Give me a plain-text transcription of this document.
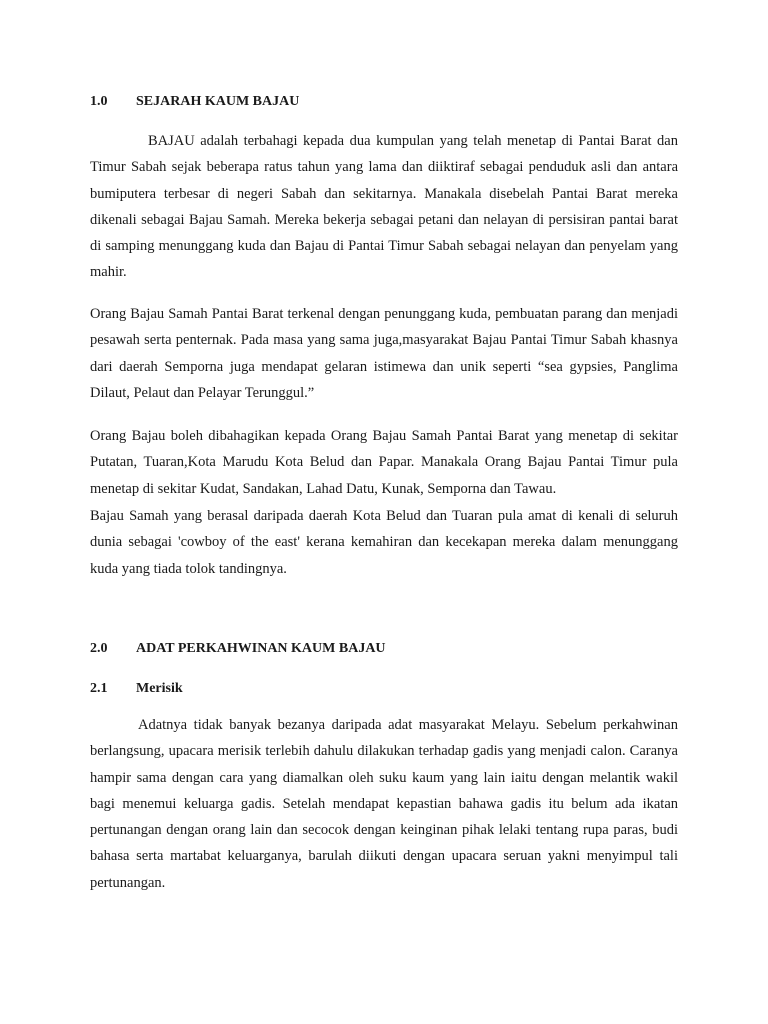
1.0 SEJARAH KAUM BAJAU

BAJAU adalah terbahagi kepada dua kumpulan yang telah menetap di Pantai Barat dan Timur Sabah sejak beberapa ratus tahun yang lama dan diiktiraf sebagai penduduk asli dan antara bumiputera terbesar di negeri Sabah dan sekitarnya. Manakala disebelah Pantai Barat mereka dikenali sebagai Bajau Samah. Mereka bekerja sebagai petani dan nelayan di persisiran pantai barat di samping menunggang kuda dan Bajau di Pantai Timur Sabah sebagai nelayan dan penyelam yang mahir.

Orang Bajau Samah Pantai Barat terkenal dengan penunggang kuda, pembuatan parang dan menjadi pesawah serta penternak. Pada masa yang sama juga,masyarakat Bajau Pantai Timur Sabah khasnya dari daerah Semporna juga mendapat gelaran istimewa dan unik seperti “sea gypsies, Panglima Dilaut, Pelaut dan Pelayar Terunggul.”

Orang Bajau boleh dibahagikan kepada Orang Bajau Samah Pantai Barat yang menetap di sekitar Putatan, Tuaran,Kota Marudu Kota Belud dan Papar. Manakala Orang Bajau Pantai Timur pula menetap di sekitar Kudat, Sandakan, Lahad Datu, Kunak, Semporna dan Tawau.

Bajau Samah yang berasal daripada daerah Kota Belud dan Tuaran pula amat di kenali di seluruh dunia sebagai 'cowboy of the east' kerana kemahiran dan kecekapan mereka dalam menunggang kuda yang tiada tolok tandingnya.

2.0 ADAT PERKAHWINAN KAUM BAJAU
2.1 Merisik

Adatnya tidak banyak bezanya daripada adat masyarakat Melayu. Sebelum perkahwinan berlangsung, upacara merisik terlebih dahulu dilakukan terhadap gadis yang menjadi calon. Caranya hampir sama dengan cara yang diamalkan oleh suku kaum yang lain iaitu dengan melantik wakil bagi menemui keluarga gadis. Setelah mendapat kepastian bahawa gadis itu belum ada ikatan pertunangan dengan orang lain dan secocok dengan keinginan pihak lelaki tentang rupa paras, budi bahasa serta martabat keluarganya, barulah diikuti dengan upacara seruan yakni menyimpul tali pertunangan.
